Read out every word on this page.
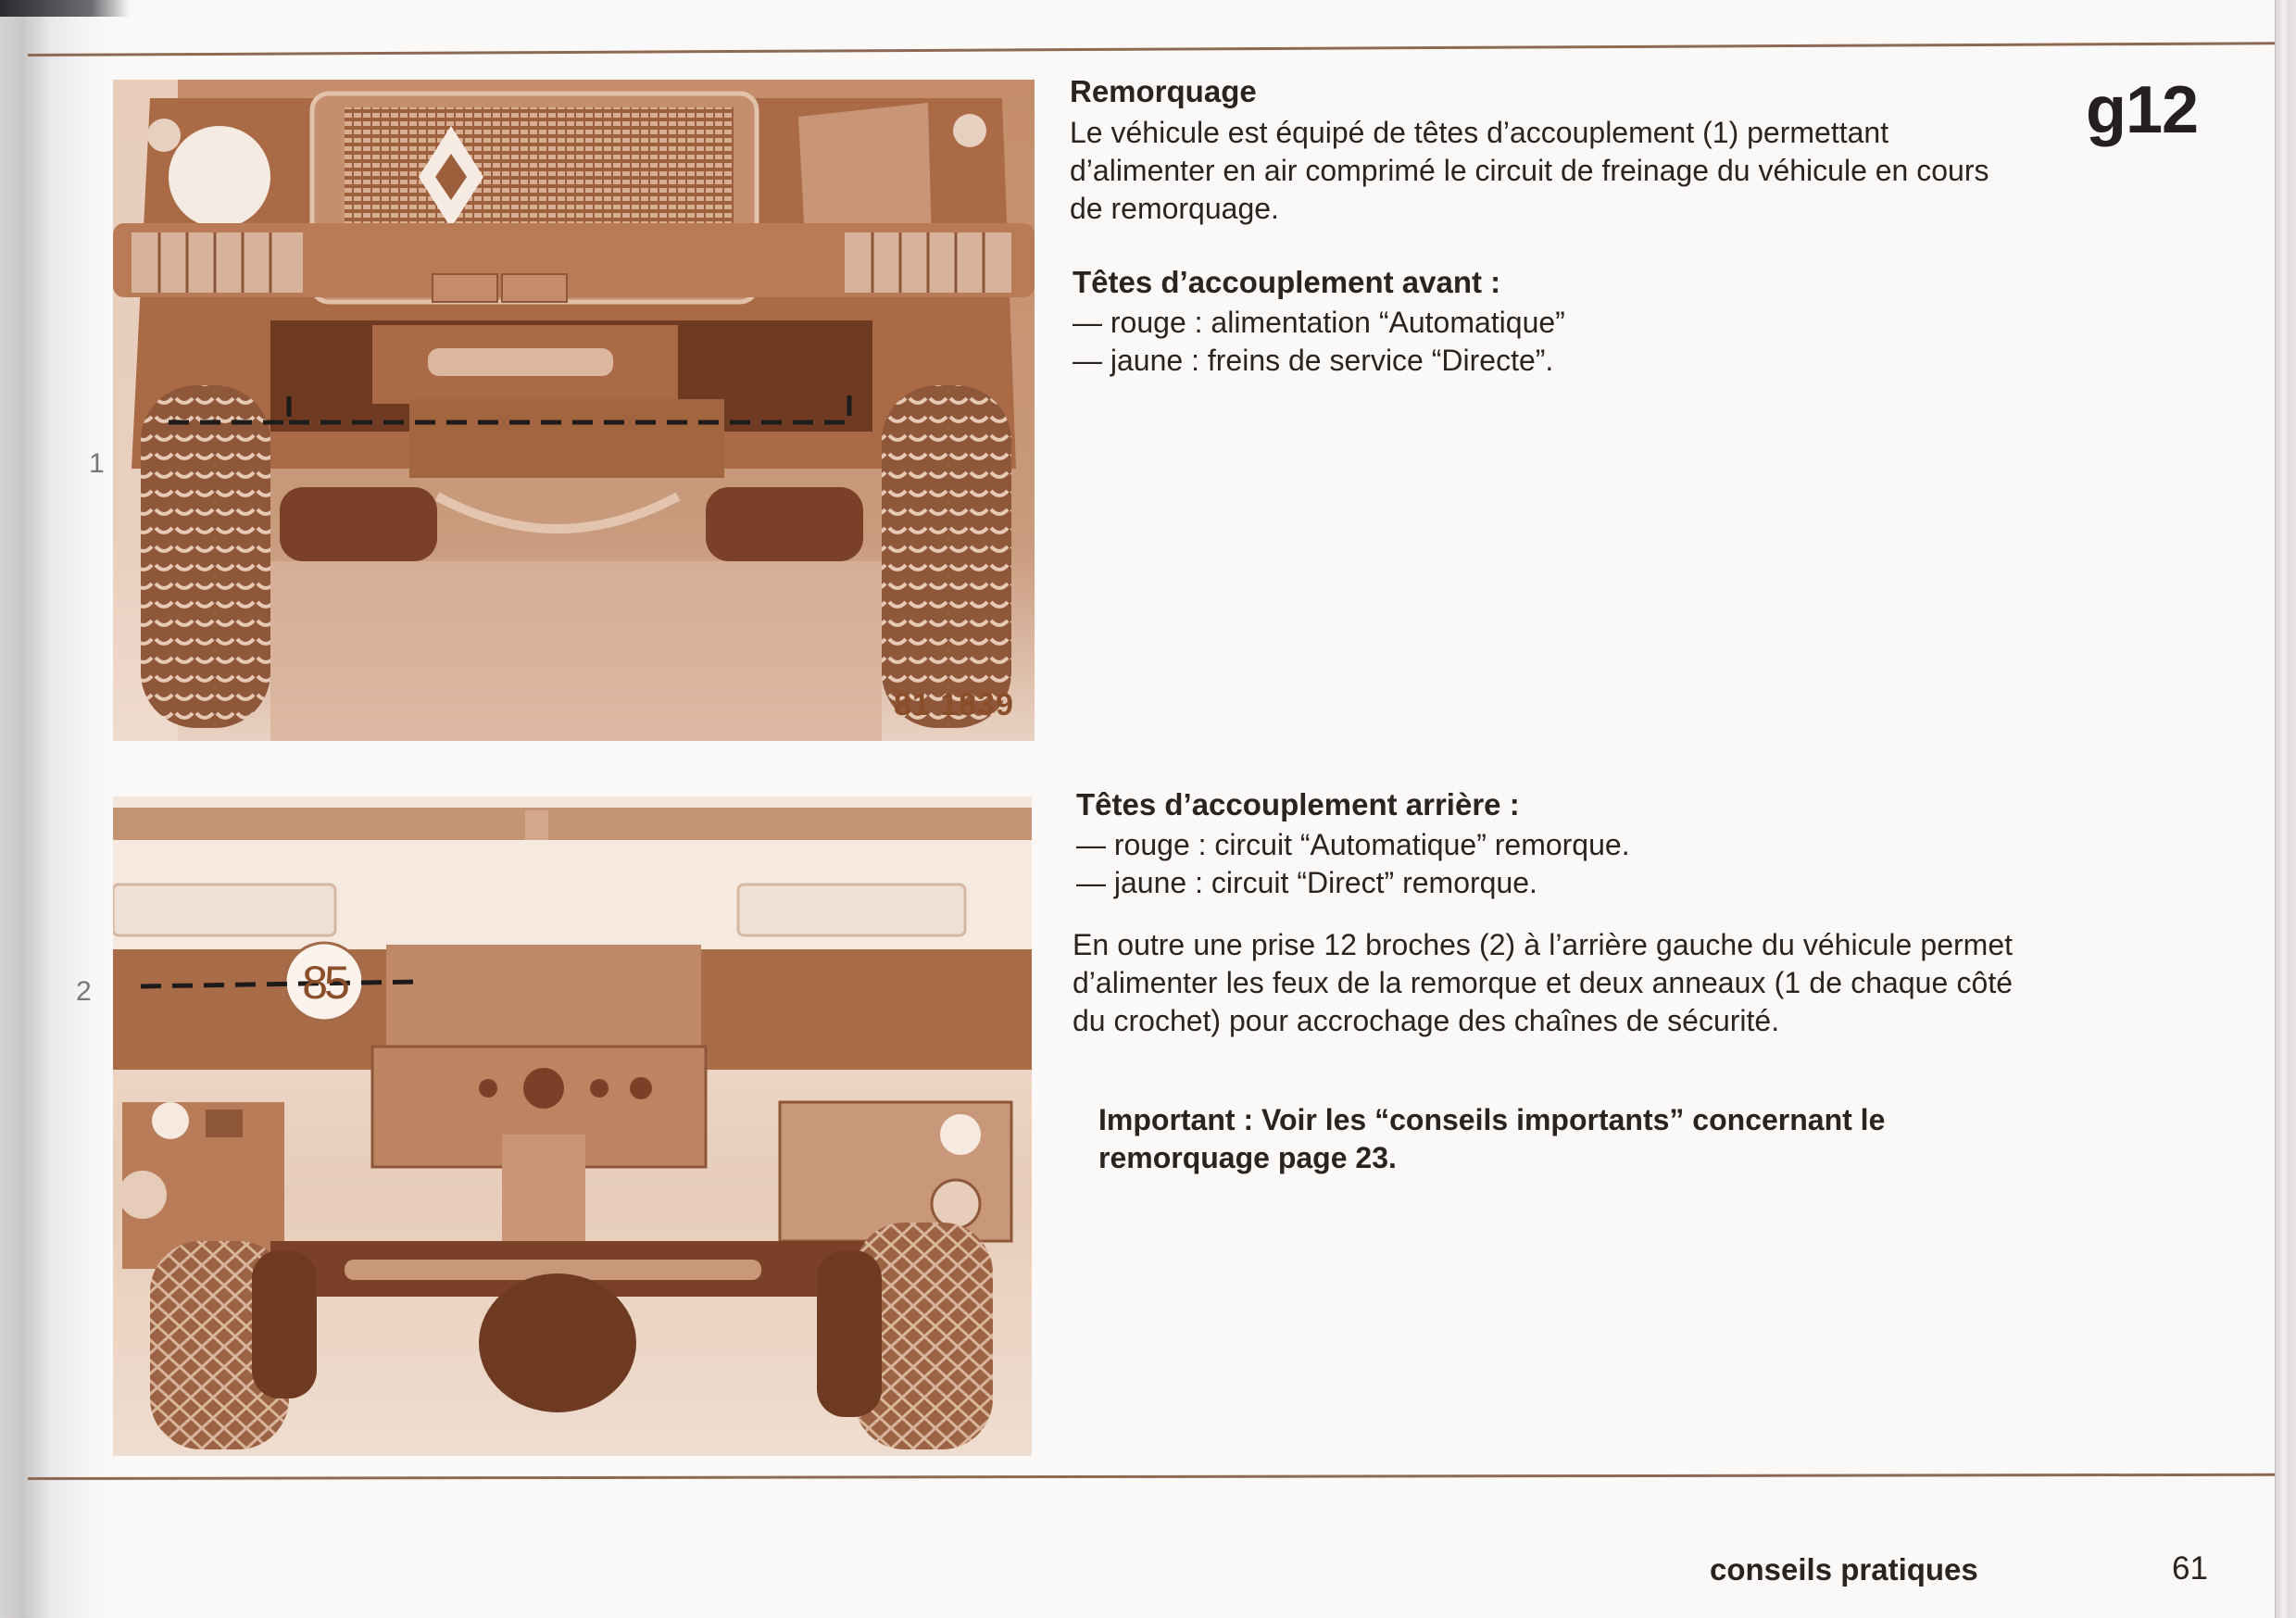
1
81 1839
85
2
g12

Remorquage

Le véhicule est équipé de têtes d’accouplement (1) permettant d’alimenter en air comprimé le circuit de freinage du véhicule en cours de remorquage.

Têtes d’accouplement avant :

— rouge : alimentation “Automatique”
— jaune : freins de service “Directe”.

Têtes d’accouplement arrière :

— rouge : circuit “Automatique” remorque.
— jaune : circuit “Direct” remorque.
En outre une prise 12 broches (2) à l’arrière gauche du véhicule permet d’alimenter les feux de la remorque et deux anneaux (1 de chaque côté du crochet) pour accrochage des chaînes de sécurité.
Important : Voir les “conseils importants” concernant le remorquage page 23.
conseils pratiques	61
